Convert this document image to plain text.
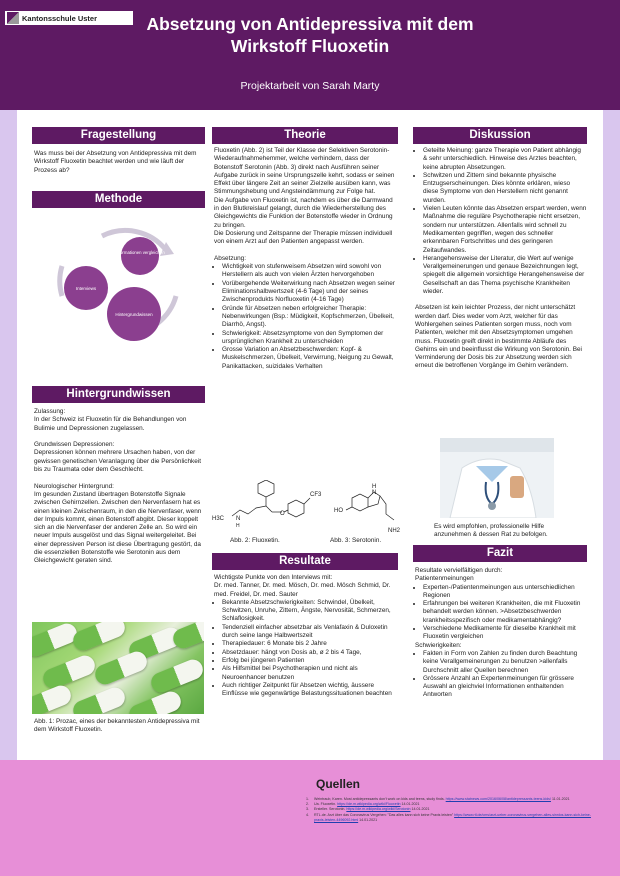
Kantonsschule Uster	Absetzung von Antidepressiva mit dem Wirkstoff Fluoxetin
Projektarbeit von Sarah Marty
Fragestellung

Was muss bei der Absetzung von Antidepressiva mit dem Wirkstoff Fluoxetin beachtet werden und wie läuft der Prozess ab?

Methode
Informationen vergleichen
Interviews
Hintergrundwissen
Hintergrundwissen

Zulassung:
In der Schweiz ist Fluoxetin für die Behandlungen von Bulimie und Depressionen zugelassen.

Grundwissen Depressionen:
Depressionen können mehrere Ursachen haben, von der gewissen genetischen Veranlagung über die Persönlichkeit bis zu Traumata oder dem Geschlecht.

Neurologischer Hintergrund:
Im gesunden Zustand übertragen Botenstoffe Signale zwischen Gehirnzellen. Zwischen den Nervenfasern hat es einen kleinen Zwischenraum, in den die Nervenfaser, wenn der Impuls kommt, einen Botenstoff abgibt. Dieser koppelt sich an die Nervenfaser der anderen Zelle an. So wird ein neuer Impuls ausgelöst und das Signal weitergeleitet. Bei einer depressiven Person ist diese Übertragung gestört, da die essenziellen Botenstoffe wie Serotonin aus dem Gleichgewicht geraten sind.

Abb. 1: Prozac, eines der bekanntesten Antidepressiva mit dem Wirkstoff Fluoxetin.
Theorie

Fluoxetin (Abb. 2) ist Teil der Klasse der Selektiven Serotonin-Wiederaufnahmehemmer, welche verhindern, dass der Botenstoff Serotonin (Abb. 3) direkt nach Ausführen seiner Aufgabe zurück in seine Ursprungszelle kehrt, sodass er seinen Effekt über längere Zeit an seiner Zielzelle ausüben kann, was Stimmungshebung und Angsteindämmung zur Folge hat.
Die Aufgabe von Fluoxetin ist, nachdem es über die Darmwand in den Blutkreislauf gelangt, durch die Wiederherstellung des Gleichgewichts die Funktion der Botenstoffe wieder in Ordnung zu bringen.
Die Dosierung und Zeitspanne der Therapie müssen individuell von einem Arzt auf den Patienten angepasst werden.

Absetzung:

• Wichtigkeit von stufenweisem Absetzen wird sowohl von Herstellern als auch von vielen Ärzten hervorgehoben
• Vorübergehende Weiterwirkung nach Absetzen wegen seiner Eliminationshalbwertszeit (4-6 Tage) und der seines Zwischenprodukts Norfluoxetin (4-16 Tage)
• Gründe für Absetzen neben erfolgreicher Therapie: Nebenwirkungen (Bsp.: Müdigkeit, Kopfschmerzen, Übelkeit, Diarrhö, Angst).
• Schwierigkeit: Absetzsymptome von den Symptomen der ursprünglichen Krankheit zu unterscheiden
• Grosse Variation an Absetzbeschwerden: Kopf- & Muskelschmerzen, Übelkeit, Verwirrung, Neigung zu Gewalt, Panikattacken, suizidales Verhalten
CF3
H3C N
H
O
Abb. 2: Fluoxetin.
HO
H
N
NH2
Abb. 3: Serotonin.
Resultate

Wichtigste Punkte von den Interviews mit:
Dr. med. Tanner, Dr. med. Mösch, Dr. med. Mösch Schmid, Dr. med. Freidel, Dr. med. Sauter

• Bekannte Absetzschwierigkeiten: Schwindel, Übelkeit, Schwitzen, Unruhe, Zittern, Ängste, Nervosität, Schmerzen, Schlaflosigkeit.
• Tendenziell einfacher absetzbar als Venlafaxin & Duloxetin durch seine lange Halbwertszeit
• Therapiedauer: 6 Monate bis 2 Jahre
• Absetzdauer: hängt von Dosis ab, ø 2 bis 4 Tage,
• Erfolg bei jüngeren Patienten
• Als Hilfsmittel bei Psychotherapien und nicht als Neuroenhancer benutzen
• Auch richtiger Zeitpunkt für Absetzen wichtig, äussere Einflüsse wie gegenwärtige Belastungssituationen beachten
Diskussion
• Geteilte Meinung: ganze Therapie von Patient abhängig & sehr unterschiedlich. Hinweise des Arztes beachten, keine abrupten Absetzungen.
• Schwitzen und Zittern sind bekannte physische Entzugserscheinungen. Dies könnte erklären, wieso diese Symptome von den Herstellern nicht genannt wurden.
• Vielen Leuten könnte das Absetzen erspart werden, wenn Maßnahme die reguläre Psychotherapie nicht ersetzen, sondern nur unterstützen. Allenfalls wird schnell zu Medikamenten gegriffen, wegen des schneller erkennbaren Fortschrittes und des geringeren Zeitaufwandes.
• Herangehensweise der Literatur, die Wert auf wenige Verallgemeinerungen und genaue Bezeichnungen legt, spiegelt die allgemein vorsichtige Herangehensweise der Gesellschaft an das Thema psychische Krankheiten wieder.

Absetzen ist kein leichter Prozess, der nicht unterschätzt werden darf. Dies weder vom Arzt, welcher für das Wohlergehen seines Patienten sorgen muss, noch vom Patienten, welcher mit den Absetzsymptomen umgehen muss. Fluoxetin greift direkt in bestimmte Abläufe des Gehirns ein und beeinflusst die Wirkung von Serotonin. Bei Verminderung der Dosis bis zur Absetzung werden sich erneut die betroffenen Vorgänge im Gehirn verändern.

Es wird empfohlen, professionelle Hilfe anzunehmen & dessen Rat zu befolgen.
Fazit

Resultate vervielfältigen durch:
Patientenmeinungen

• Experten-/Patientenmeinungen aus unterschiedlichen Regionen
• Erfahrungen bei weiteren Krankheiten, die mit Fluoxetin behandelt werden können. >Absetzbeschwerden krankheitsspezifisch oder medikamentabhängig?
• Verschiedene Medikamente für dieselbe Krankheit mit Fluoxetin vergleichen

Schwierigkeiten:

• Fakten in Form von Zahlen zu finden durch Beachtung keine Verallgemeinerungen zu benutzen >allenfalls Durchschnitt aller Quellen berechnen
• Grössere Anzahl an Expertenmeinungen für grössere Auswahl an gleichviel Informationen enthaltenden Antworten
Quellen
1.	Weintraub, Karen. Most antidepressants don't work on kids and teens, study finds. https://www.statnews.com/2016/06/08/antidepressants-teens-kids/ 11.01.2021
2.	Ua. Fluoxetin. https://de.m.wikipedia.org/wiki/Fluoxetin 14.01.2021
3.	Ersteller. Serotonin. https://de.m.wikipedia.org/wiki/Serotonin 14.01.2021
4.	RTL.de. Arzt über das Coronavirus Vergehen: "Das alles kann sich keine Praxis leisten" https://www.rtl.de/cms/arzt-ueber-coronavirus-vergehen-alles-sinnlos-kann-sich-keine-praxis-leisten-4496092.html 14.01.2021
